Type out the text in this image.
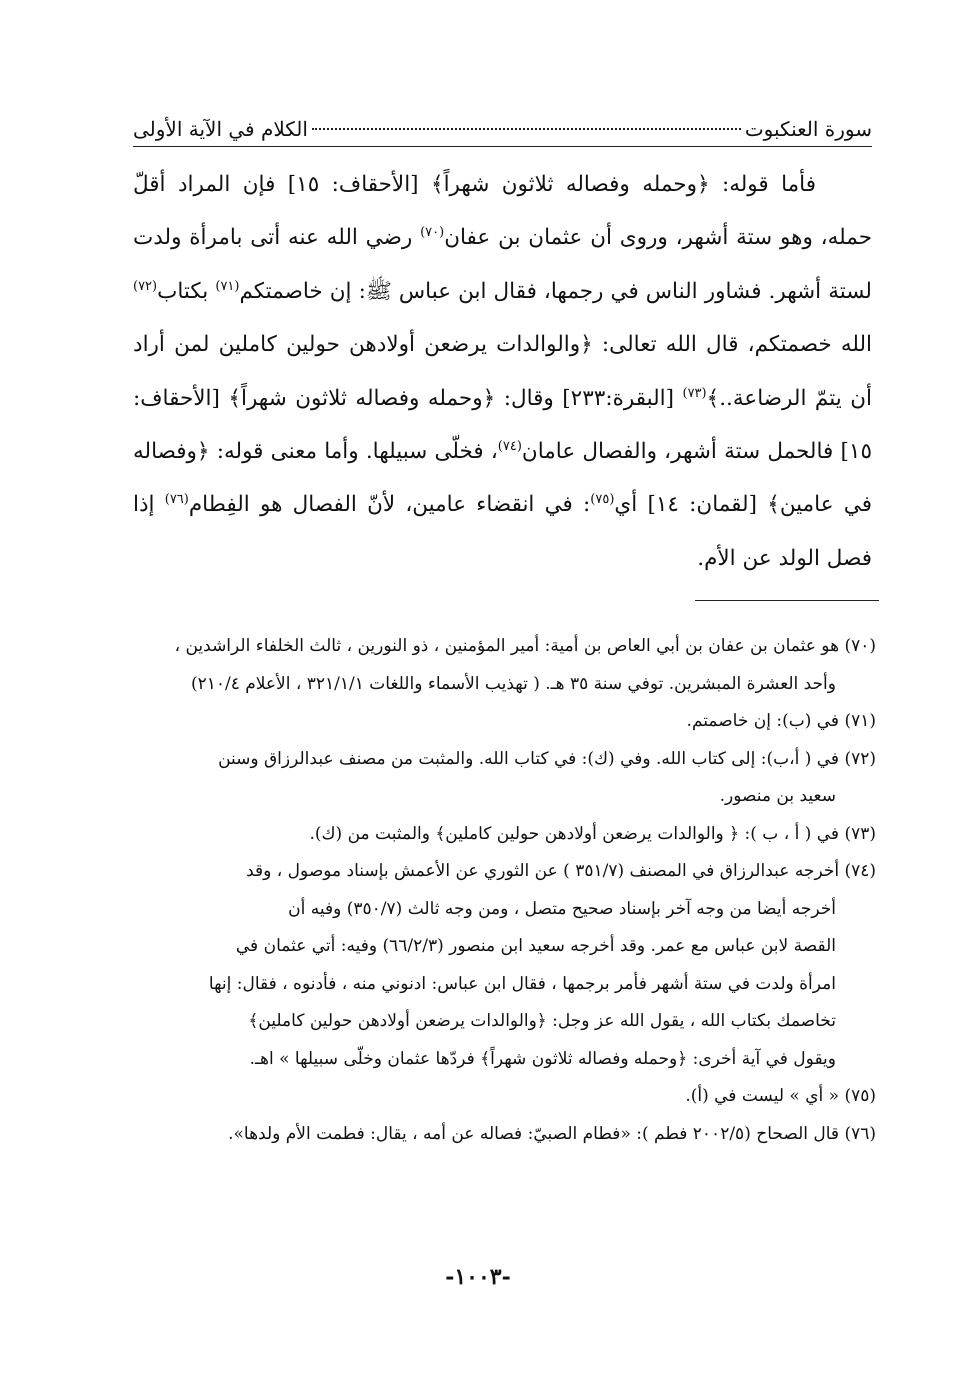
سورة العنكبوت
الكلام في الآية الأولى

فأما قوله: ﴿وحمله وفصاله ثلاثون شهراً﴾ [الأحقاف: ١٥] فإن المراد أقلّ حمله، وهو ستة أشهر، وروى أن عثمان بن عفان$^{(٧٠)}$ رضي الله عنه أتى بامرأة ولدت لستة أشهر. فشاور الناس في رجمها، فقال ابن عباس ﷺ: إن خاصمتكم$^{(٧١)}$ بكتاب$^{(٧٢)}$ الله خصمتكم، قال الله تعالى: ﴿والوالدات يرضعن أولادهن حولين كاملين لمن أراد أن يتمّ الرضاعة..﴾$^{(٧٣)}$ [البقرة:٢٣٣] وقال: ﴿وحمله وفصاله ثلاثون شهراً﴾ [الأحقاف: ١٥] فالحمل ستة أشهر، والفصال عامان$^{(٧٤)}$، فخلّى سبيلها. وأما معنى قوله: ﴿وفصاله في عامين﴾ [لقمان: ١٤] أي$^{(٧٥)}$: في انقضاء عامين، لأنّ الفصال هو الفِطام$^{(٧٦)}$ إذا فصل الولد عن الأم.

(٧٠) هو عثمان بن عفان بن أبي العاص بن أمية: أمير المؤمنين ، ذو النورين ، ثالث الخلفاء الراشدين ،

وأحد العشرة المبشرين. توفي سنة ٣٥ هـ. ( تهذيب الأسماء واللغات ٣٢١/١/١ ، الأعلام ٢١٠/٤)

(٧١) في (ب): إن خاصمتم.

(٧٢) في ( أ،ب): إلى كتاب الله. وفي (ك): في كتاب الله. والمثبت من مصنف عبدالرزاق وسنن

سعيد بن منصور.

(٧٣) في ( أ ، ب ): ﴿ والوالدات يرضعن أولادهن حولين كاملين﴾ والمثبت من (ك).

(٧٤) أخرجه عبدالرزاق في المصنف (٣٥١/٧ ) عن الثوري عن الأعمش بإسناد موصول ، وقد

أخرجه أيضا من وجه آخر بإسناد صحيح متصل ، ومن وجه ثالث (٣٥٠/٧) وفيه أن

القصة لابن عباس مع عمر. وقد أخرجه سعيد ابن منصور (٦٦/٢/٣) وفيه: أتي عثمان في

امرأة ولدت في ستة أشهر فأمر برجمها ، فقال ابن عباس: ادنوني منه ، فأدنوه ، فقال: إنها

تخاصمك بكتاب الله ، يقول الله عز وجل: ﴿والوالدات يرضعن أولادهن حولين كاملين﴾

ويقول في آية أخرى: ﴿وحمله وفصاله ثلاثون شهراً﴾ فردّها عثمان وخلّى سبيلها » اهـ.

(٧٥) « أي » ليست في (أ).

(٧٦) قال الصحاح (٢٠٠٢/٥ فطم ): «فطام الصبيّ: فصاله عن أمه ، يقال: فطمت الأم ولدها».

-١٠٠٣-
